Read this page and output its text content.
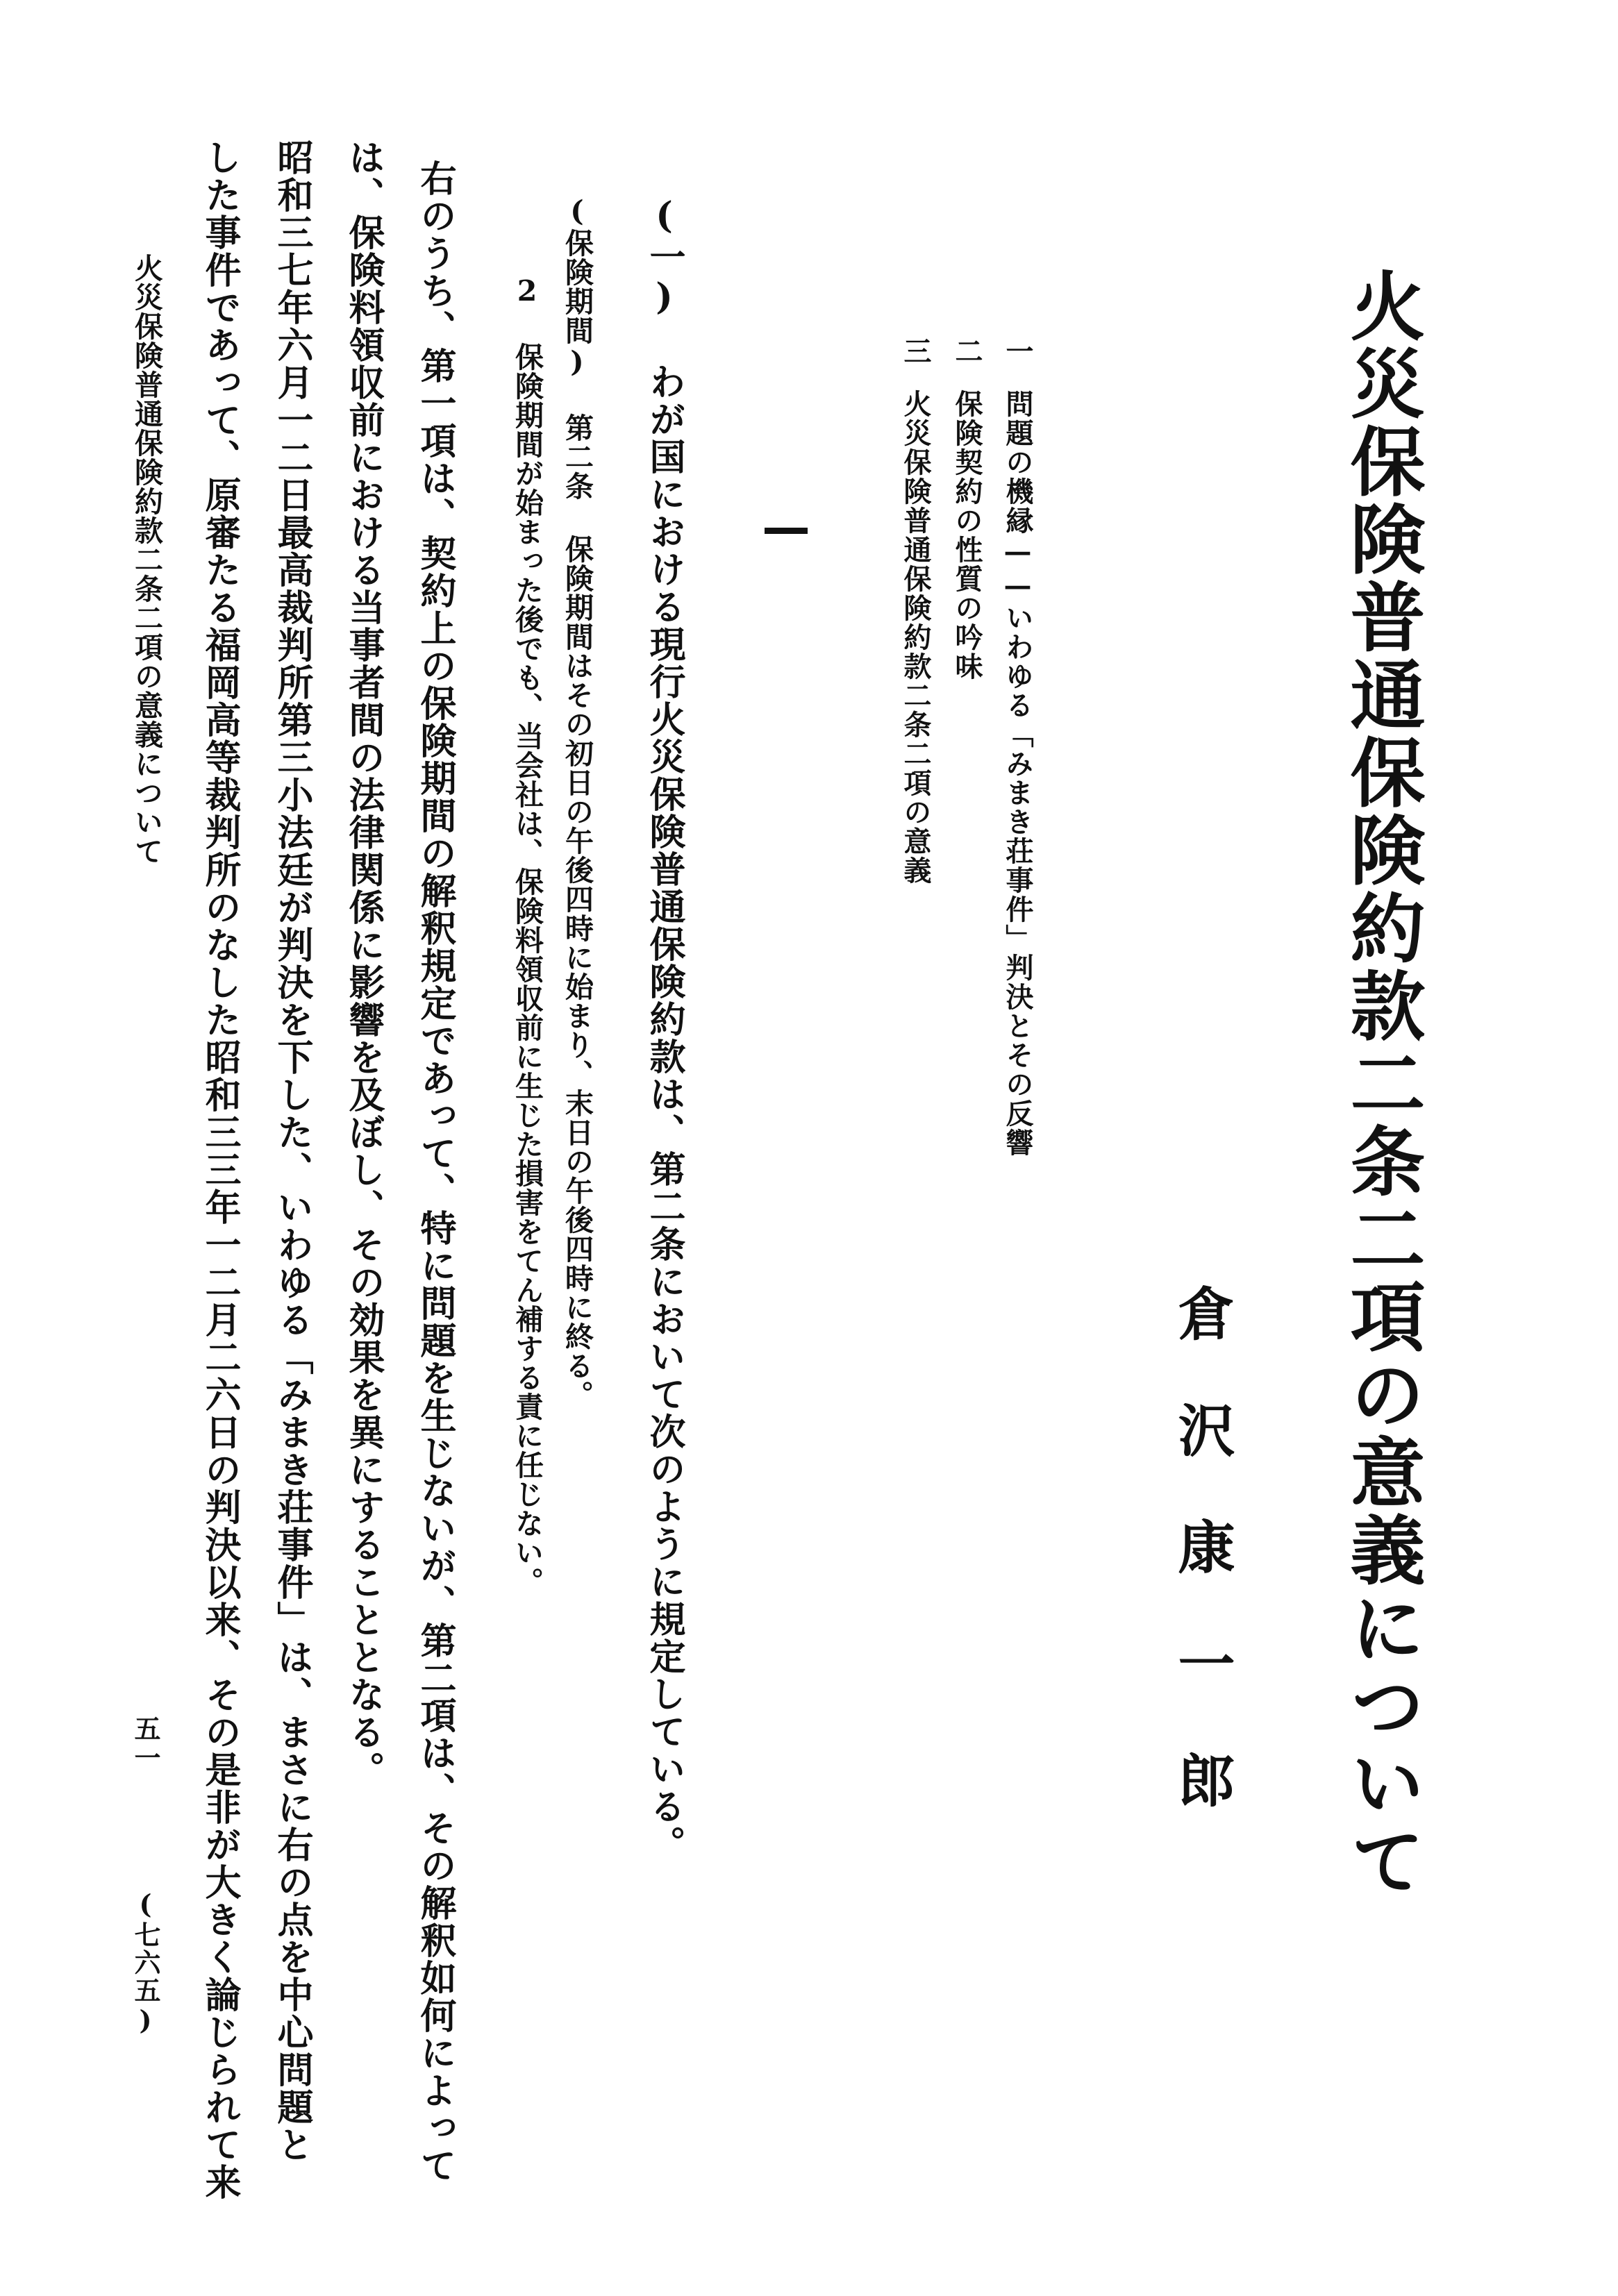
火災保険普通保険約款二条二項の意義について
倉沢康一郎
一問題の機縁——いわゆる「みまき荘事件」判決とその反響
二保険契約の性質の吟味
三火災保険普通保険約款二条二項の意義
(一) わが国における現行火災保険普通保険約款は、第二条において次のように規定している。
(保険期間) 第二条 保険期間はその初日の午後四時に始まり、末日の午後四時に終る。
2 保険期間が始まった後でも、当会社は、保険料領収前に生じた損害をてん補する責に任じない。
右のうち、第一項は、契約上の保険期間の解釈規定であって、特に問題を生じないが、第二項は、その解釈如何によって
は、保険料領収前における当事者間の法律関係に影響を及ぼし、その効果を異にすることとなる。
昭和三七年六月一二日最高裁判所第三小法廷が判決を下した、いわゆる「みまき荘事件」は、まさに右の点を中心問題と
した事件であって、原審たる福岡高等裁判所のなした昭和三三年一二月二六日の判決以来、その是非が大きく論じられて来
火災保険普通保険約款二条二項の意義について
五一
(七六五)
